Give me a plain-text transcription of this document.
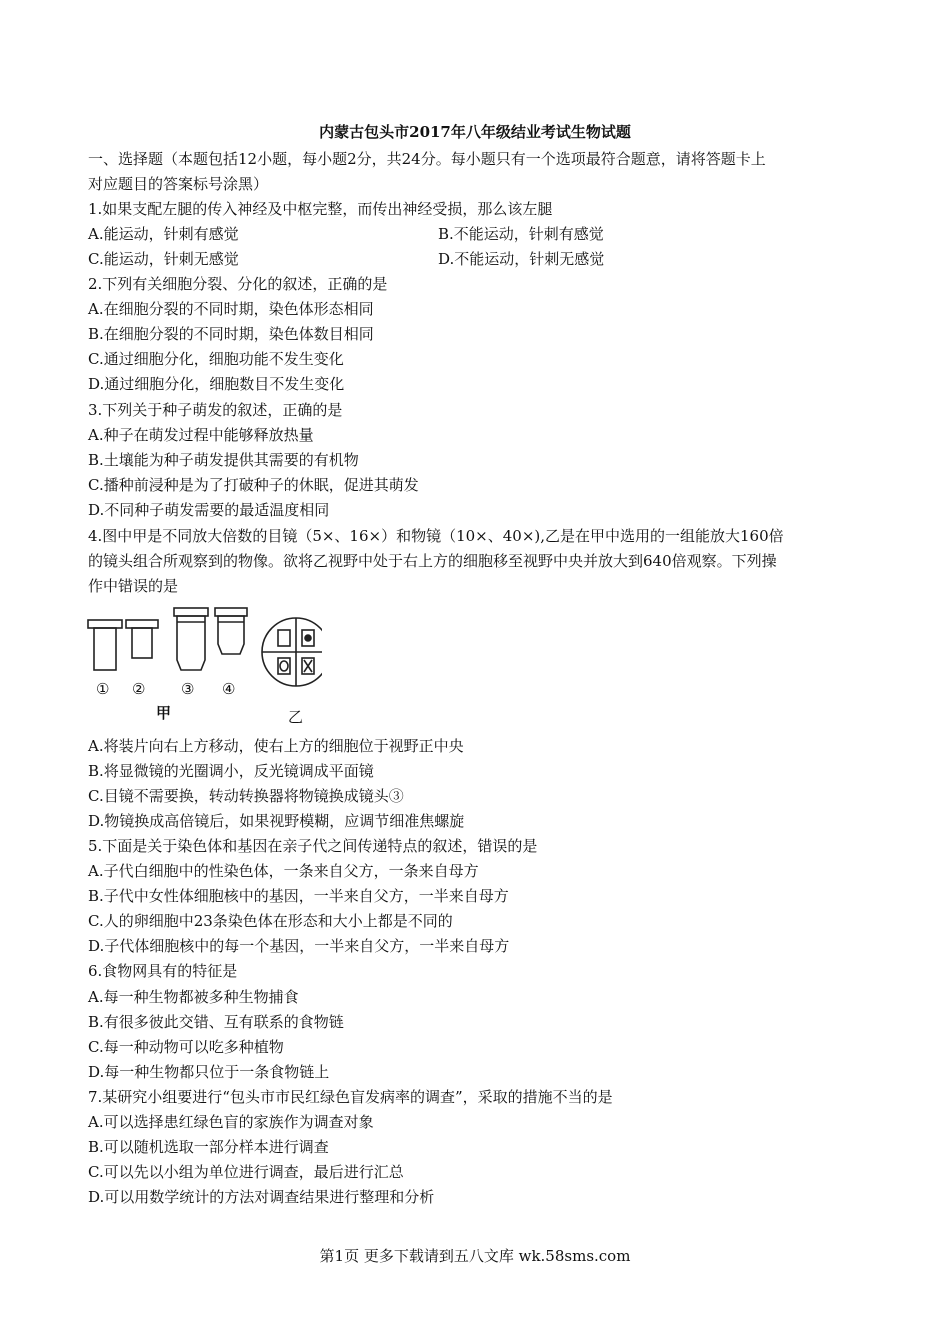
内蒙古包头市2017年八年级结业考试生物试题
一、选择题（本题包括12小题，每小题2分，共24分。每小题只有一个选项最符合题意，请将答题卡上
对应题目的答案标号涂黑）
1.如果支配左腿的传入神经及中枢完整，而传出神经受损，那么该左腿
A.能运动，针刺有感觉	B.不能运动，针刺有感觉
C.能运动，针刺无感觉	D.不能运动，针刺无感觉
2.下列有关细胞分裂、分化的叙述，正确的是
A.在细胞分裂的不同时期，染色体形态相同
B.在细胞分裂的不同时期，染色体数目相同
C.通过细胞分化，细胞功能不发生变化
D.通过细胞分化，细胞数目不发生变化
3.下列关于种子萌发的叙述，正确的是
A.种子在萌发过程中能够释放热量
B.土壤能为种子萌发提供其需要的有机物
C.播种前浸种是为了打破种子的休眠，促进其萌发
D.不同种子萌发需要的最适温度相同
4.图中甲是不同放大倍数的目镜（5×、16×）和物镜（10×、40×),乙是在甲中选用的一组能放大160倍
的镜头组合所观察到的物像。欲将乙视野中处于右上方的细胞移至视野中央并放大到640倍观察。下列操
作中错误的是
① ② ③ ④
甲	乙
A.将装片向右上方移动，使右上方的细胞位于视野正中央
B.将显微镜的光圈调小，反光镜调成平面镜
C.目镜不需要换，转动转换器将物镜换成镜头③
D.物镜换成高倍镜后，如果视野模糊，应调节细准焦螺旋
5.下面是关于染色体和基因在亲子代之间传递特点的叙述，错误的是
A.子代白细胞中的性染色体，一条来自父方，一条来自母方
B.子代中女性体细胞核中的基因，一半来自父方，一半来自母方
C.人的卵细胞中23条染色体在形态和大小上都是不同的
D.子代体细胞核中的每一个基因，一半来自父方，一半来自母方
6.食物网具有的特征是
A.每一种生物都被多种生物捕食
B.有很多彼此交错、互有联系的食物链
C.每一种动物可以吃多种植物
D.每一种生物都只位于一条食物链上
7.某研究小组要进行“包头市市民红绿色盲发病率的调查”，采取的措施不当的是
A.可以选择患红绿色盲的家族作为调查对象
B.可以随机选取一部分样本进行调查
C.可以先以小组为单位进行调查，最后进行汇总
D.可以用数学统计的方法对调查结果进行整理和分析
第1页 更多下载请到五八文库 wk.58sms.com
